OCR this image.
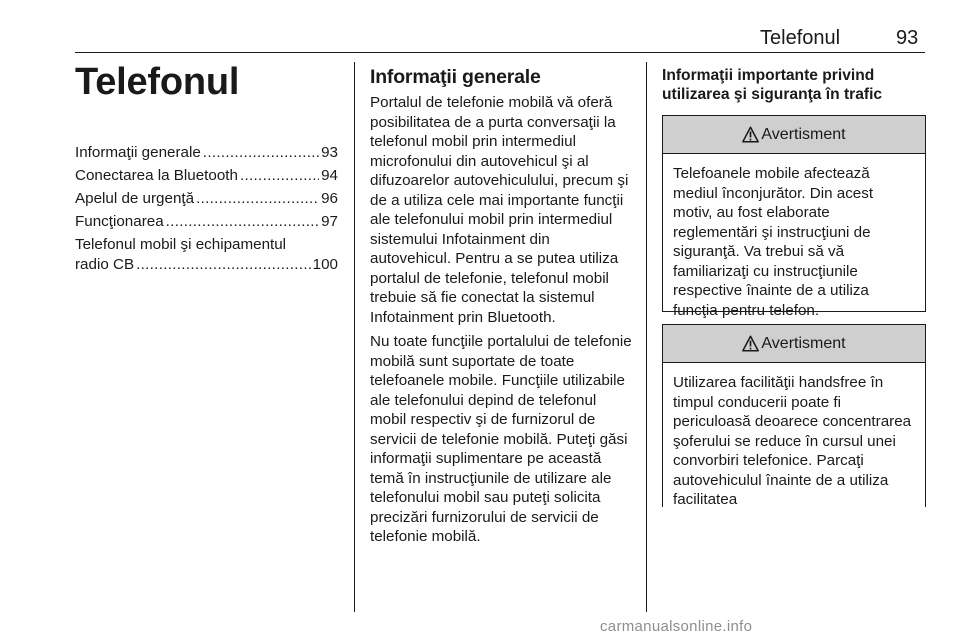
Telefonul	93
Telefonul
Informaţii generale .....	93
Conectarea la Bluetooth .....	94
Apelul de urgenţă .....	96
Funcţionarea .....	97
Telefonul mobil şi echipamentul
radio CB .....	100
Informaţii generale

Portalul de telefonie mobilă vă oferă posibilitatea de a purta conversaţii la telefonul mobil prin intermediul microfonului din autovehicul şi al difuzoarelor autovehiculului, precum şi de a utiliza cele mai importante funcţii ale telefonului mobil prin intermediul sistemului Infotainment din autovehicul. Pentru a se putea utiliza portalul de telefonie, telefonul mobil trebuie să fie conectat la sistemul Infotainment prin Bluetooth.

Nu toate funcţiile portalului de telefonie mobilă sunt suportate de toate telefoanele mobile. Funcţiile utilizabile ale telefonului depind de telefonul mobil respectiv şi de furnizorul de servicii de telefonie mobilă. Puteţi găsi informaţii suplimentare pe această temă în instrucţiunile de utilizare ale telefonului mobil sau puteţi solicita precizări furnizorului de servicii de telefonie mobilă.

Informaţii importante privind utilizarea şi siguranţa în trafic
Avertisment
Telefoanele mobile afectează mediul înconjurător. Din acest motiv, au fost elaborate reglementări şi instrucţiuni de siguranţă. Va trebui să vă familiarizaţi cu instrucţiunile respective înainte de a utiliza funcţia pentru telefon.
Avertisment
Utilizarea facilităţii handsfree în timpul conducerii poate fi periculoasă deoarece concentrarea şoferului se reduce în cursul unei convorbiri telefonice. Parcaţi autovehiculul înainte de a utiliza facilitatea
carmanualsonline.info
